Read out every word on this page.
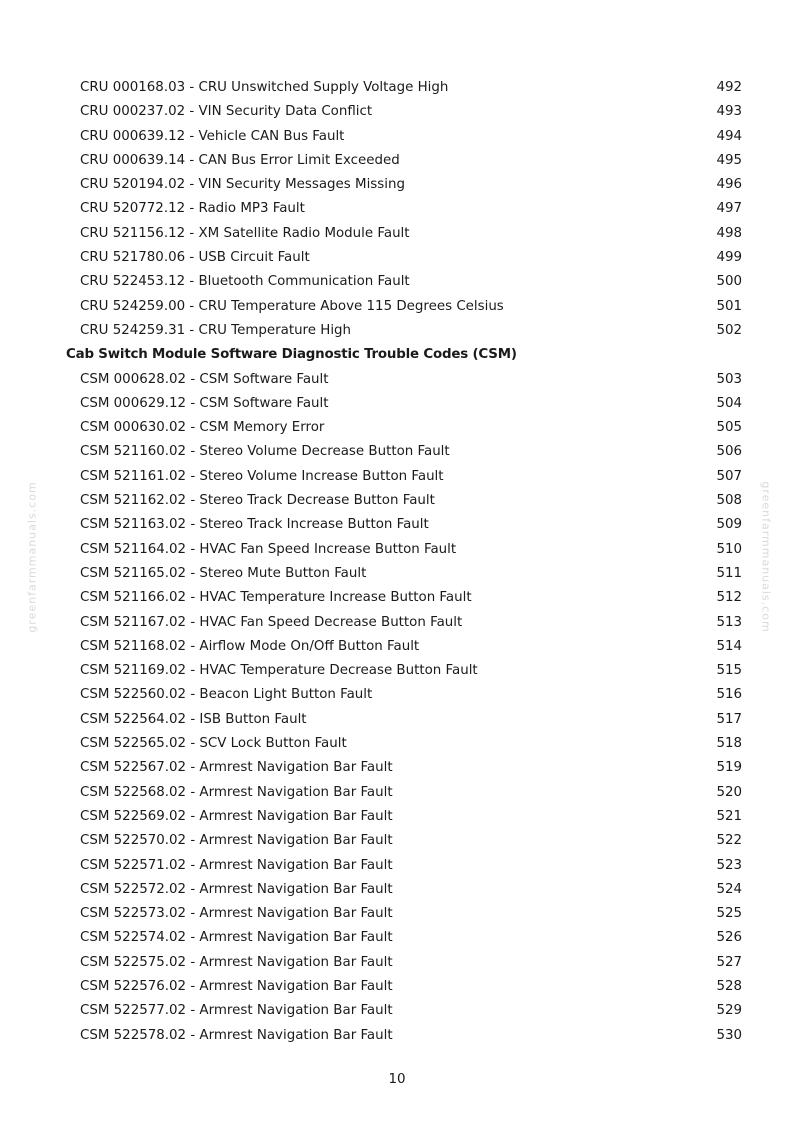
CRU 000168.03 - CRU Unswitched Supply Voltage High	492
CRU 000237.02 - VIN Security Data Conflict	493
CRU 000639.12 - Vehicle CAN Bus Fault	494
CRU 000639.14 - CAN Bus Error Limit Exceeded	495
CRU 520194.02 - VIN Security Messages Missing	496
CRU 520772.12 - Radio MP3 Fault	497
CRU 521156.12 - XM Satellite Radio Module Fault	498
CRU 521780.06 - USB Circuit Fault	499
CRU 522453.12 - Bluetooth Communication Fault	500
CRU 524259.00 - CRU Temperature Above 115 Degrees Celsius	501
CRU 524259.31 - CRU Temperature High	502
Cab Switch Module Software Diagnostic Trouble Codes (CSM)
CSM 000628.02 - CSM Software Fault	503
CSM 000629.12 - CSM Software Fault	504
CSM 000630.02 - CSM Memory Error	505
CSM 521160.02 - Stereo Volume Decrease Button Fault	506
CSM 521161.02 - Stereo Volume Increase Button Fault	507
CSM 521162.02 - Stereo Track Decrease Button Fault	508
CSM 521163.02 - Stereo Track Increase Button Fault	509
CSM 521164.02 - HVAC Fan Speed Increase Button Fault	510
CSM 521165.02 - Stereo Mute Button Fault	511
CSM 521166.02 - HVAC Temperature Increase Button Fault	512
CSM 521167.02 - HVAC Fan Speed Decrease Button Fault	513
CSM 521168.02 - Airflow Mode On/Off Button Fault	514
CSM 521169.02 - HVAC Temperature Decrease Button Fault	515
CSM 522560.02 - Beacon Light Button Fault	516
CSM 522564.02 - ISB Button Fault	517
CSM 522565.02 - SCV Lock Button Fault	518
CSM 522567.02 - Armrest Navigation Bar Fault	519
CSM 522568.02 - Armrest Navigation Bar Fault	520
CSM 522569.02 - Armrest Navigation Bar Fault	521
CSM 522570.02 - Armrest Navigation Bar Fault	522
CSM 522571.02 - Armrest Navigation Bar Fault	523
CSM 522572.02 - Armrest Navigation Bar Fault	524
CSM 522573.02 - Armrest Navigation Bar Fault	525
CSM 522574.02 - Armrest Navigation Bar Fault	526
CSM 522575.02 - Armrest Navigation Bar Fault	527
CSM 522576.02 - Armrest Navigation Bar Fault	528
CSM 522577.02 - Armrest Navigation Bar Fault	529
CSM 522578.02 - Armrest Navigation Bar Fault	530
greenfarmmanuals.com	greenfarmmanuals.com
10
